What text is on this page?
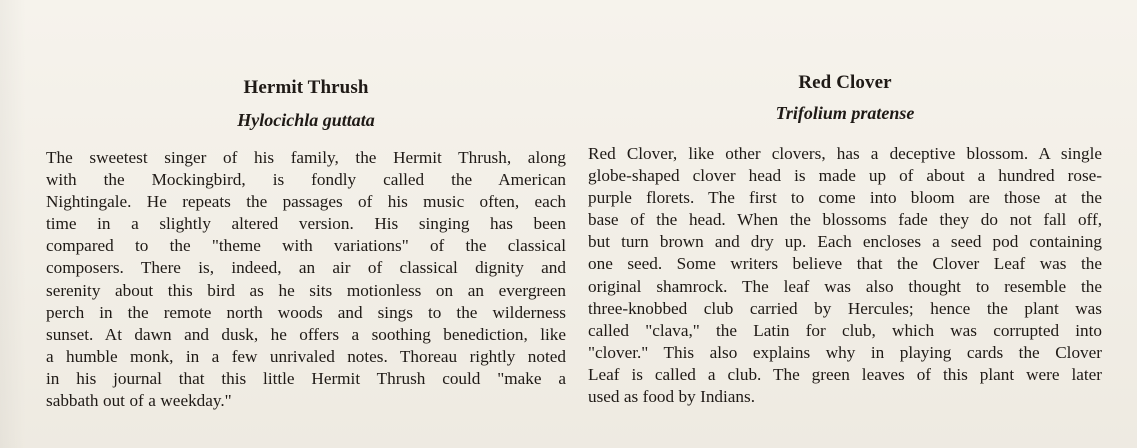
Hermit Thrush
Hylocichla guttata
The sweetest singer of his family, the Hermit Thrush, along
with the Mockingbird, is fondly called the American
Nightingale. He repeats the passages of his music often, each
time in a slightly altered version. His singing has been
compared to the "theme with variations" of the classical
composers. There is, indeed, an air of classical dignity and
serenity about this bird as he sits motionless on an evergreen
perch in the remote north woods and sings to the wilderness
sunset. At dawn and dusk, he offers a soothing benediction, like
a humble monk, in a few unrivaled notes. Thoreau rightly noted
in his journal that this little Hermit Thrush could "make a
sabbath out of a weekday."
Red Clover
Trifolium pratense
Red Clover, like other clovers, has a deceptive blossom. A single
globe-shaped clover head is made up of about a hundred rose-
purple florets. The first to come into bloom are those at the
base of the head. When the blossoms fade they do not fall off,
but turn brown and dry up. Each encloses a seed pod containing
one seed. Some writers believe that the Clover Leaf was the
original shamrock. The leaf was also thought to resemble the
three-knobbed club carried by Hercules; hence the plant was
called "clava," the Latin for club, which was corrupted into
"clover." This also explains why in playing cards the Clover
Leaf is called a club. The green leaves of this plant were later
used as food by Indians.
